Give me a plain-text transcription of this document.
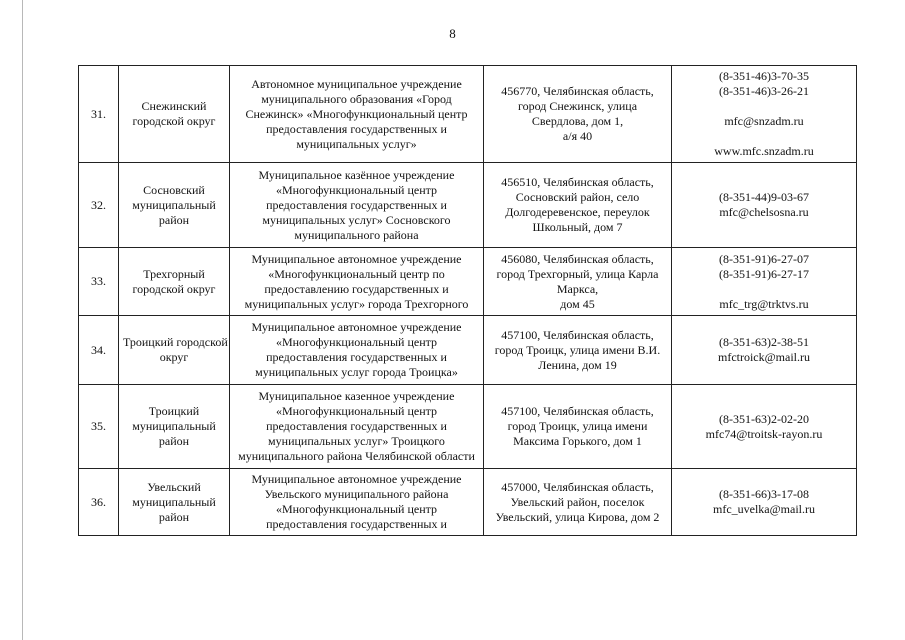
8
31.	Снежинский
городской округ	Автономное муниципальное учреждение
муниципального образования «Город
Снежинск» «Многофункциональный центр
предоставления государственных и
муниципальных услуг»	456770, Челябинская область,
город Снежинск, улица
Свердлова, дом 1,
а/я 40	(8-351-46)3-70-35
(8-351-46)3-26-21
mfc@snzadm.ru
www.mfc.snzadm.ru

32.	Сосновский
муниципальный
район	Муниципальное казённое учреждение
«Многофункциональный центр
предоставления государственных и
муниципальных услуг» Сосновского
муниципального района	456510, Челябинская область,
Сосновский район, село
Долгодеревенское, переулок
Школьный, дом 7	(8-351-44)9-03-67
mfc@chelsosna.ru

33.	Трехгорный
городской округ	Муниципальное автономное учреждение
«Многофункциональный центр по
предоставлению государственных и
муниципальных услуг» города Трехгорного	456080, Челябинская область,
город Трехгорный, улица Карла
Маркса,
дом 45	(8-351-91)6-27-07
(8-351-91)6-27-17
mfc_trg@trktvs.ru

34.	Троицкий городской
округ	Муниципальное автономное учреждение
«Многофункциональный центр
предоставления государственных и
муниципальных услуг города Троицка»	457100, Челябинская область,
город Троицк, улица имени В.И.
Ленина, дом 19	(8-351-63)2-38-51
mfctroick@mail.ru

35.	Троицкий
муниципальный
район	Муниципальное казенное учреждение
«Многофункциональный центр
предоставления государственных и
муниципальных услуг» Троицкого
муниципального района Челябинской области	457100, Челябинская область,
город Троицк, улица имени
Максима Горького, дом 1	(8-351-63)2-02-20
mfc74@troitsk-rayon.ru

36.	Увельский
муниципальный
район	Муниципальное автономное учреждение
Увельского муниципального района
«Многофункциональный центр
предоставления государственных и	457000, Челябинская область,
Увельский район, поселок
Увельский, улица Кирова, дом 2	(8-351-66)3-17-08
mfc_uvelka@mail.ru
